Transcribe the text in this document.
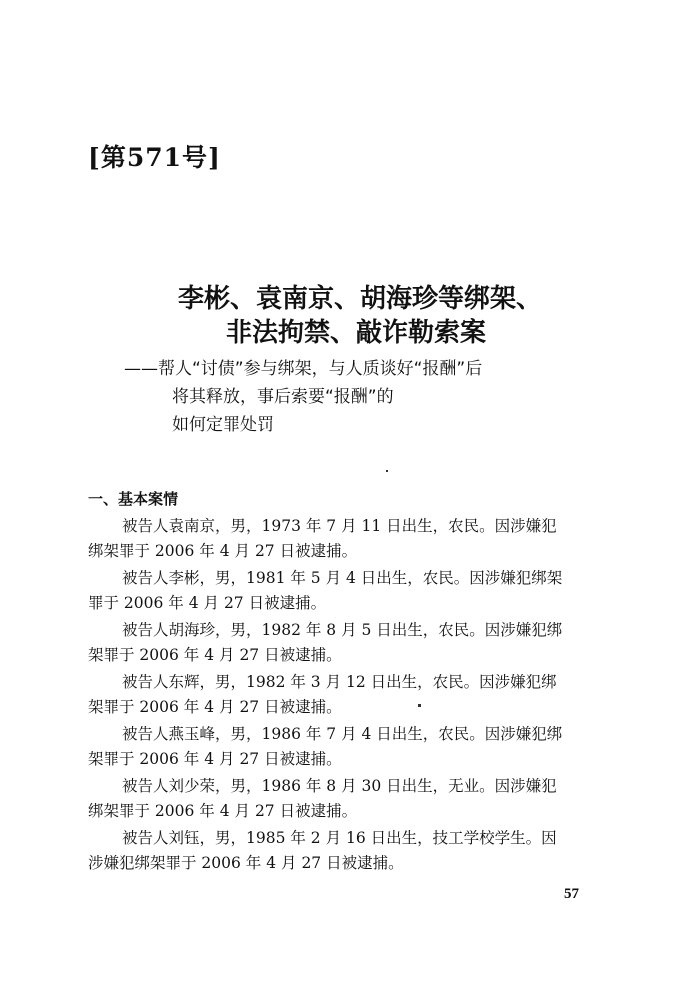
[第571号]
李彬、袁南京、胡海珍等绑架、
非法拘禁、敲诈勒索案
——帮人“讨债”参与绑架，与人质谈好“报酬”后
将其释放，事后索要“报酬”的
如何定罪处罚
一、基本案情
被告人袁南京，男，1973 年 7 月 11 日出生，农民。因涉嫌犯
绑架罪于 2006 年 4 月 27 日被逮捕。
被告人李彬，男，1981 年 5 月 4 日出生，农民。因涉嫌犯绑架
罪于 2006 年 4 月 27 日被逮捕。
被告人胡海珍，男，1982 年 8 月 5 日出生，农民。因涉嫌犯绑
架罪于 2006 年 4 月 27 日被逮捕。
被告人东辉，男，1982 年 3 月 12 日出生，农民。因涉嫌犯绑
架罪于 2006 年 4 月 27 日被逮捕。
被告人燕玉峰，男，1986 年 7 月 4 日出生，农民。因涉嫌犯绑
架罪于 2006 年 4 月 27 日被逮捕。
被告人刘少荣，男，1986 年 8 月 30 日出生，无业。因涉嫌犯
绑架罪于 2006 年 4 月 27 日被逮捕。
被告人刘钰，男，1985 年 2 月 16 日出生，技工学校学生。因
涉嫌犯绑架罪于 2006 年 4 月 27 日被逮捕。
57
